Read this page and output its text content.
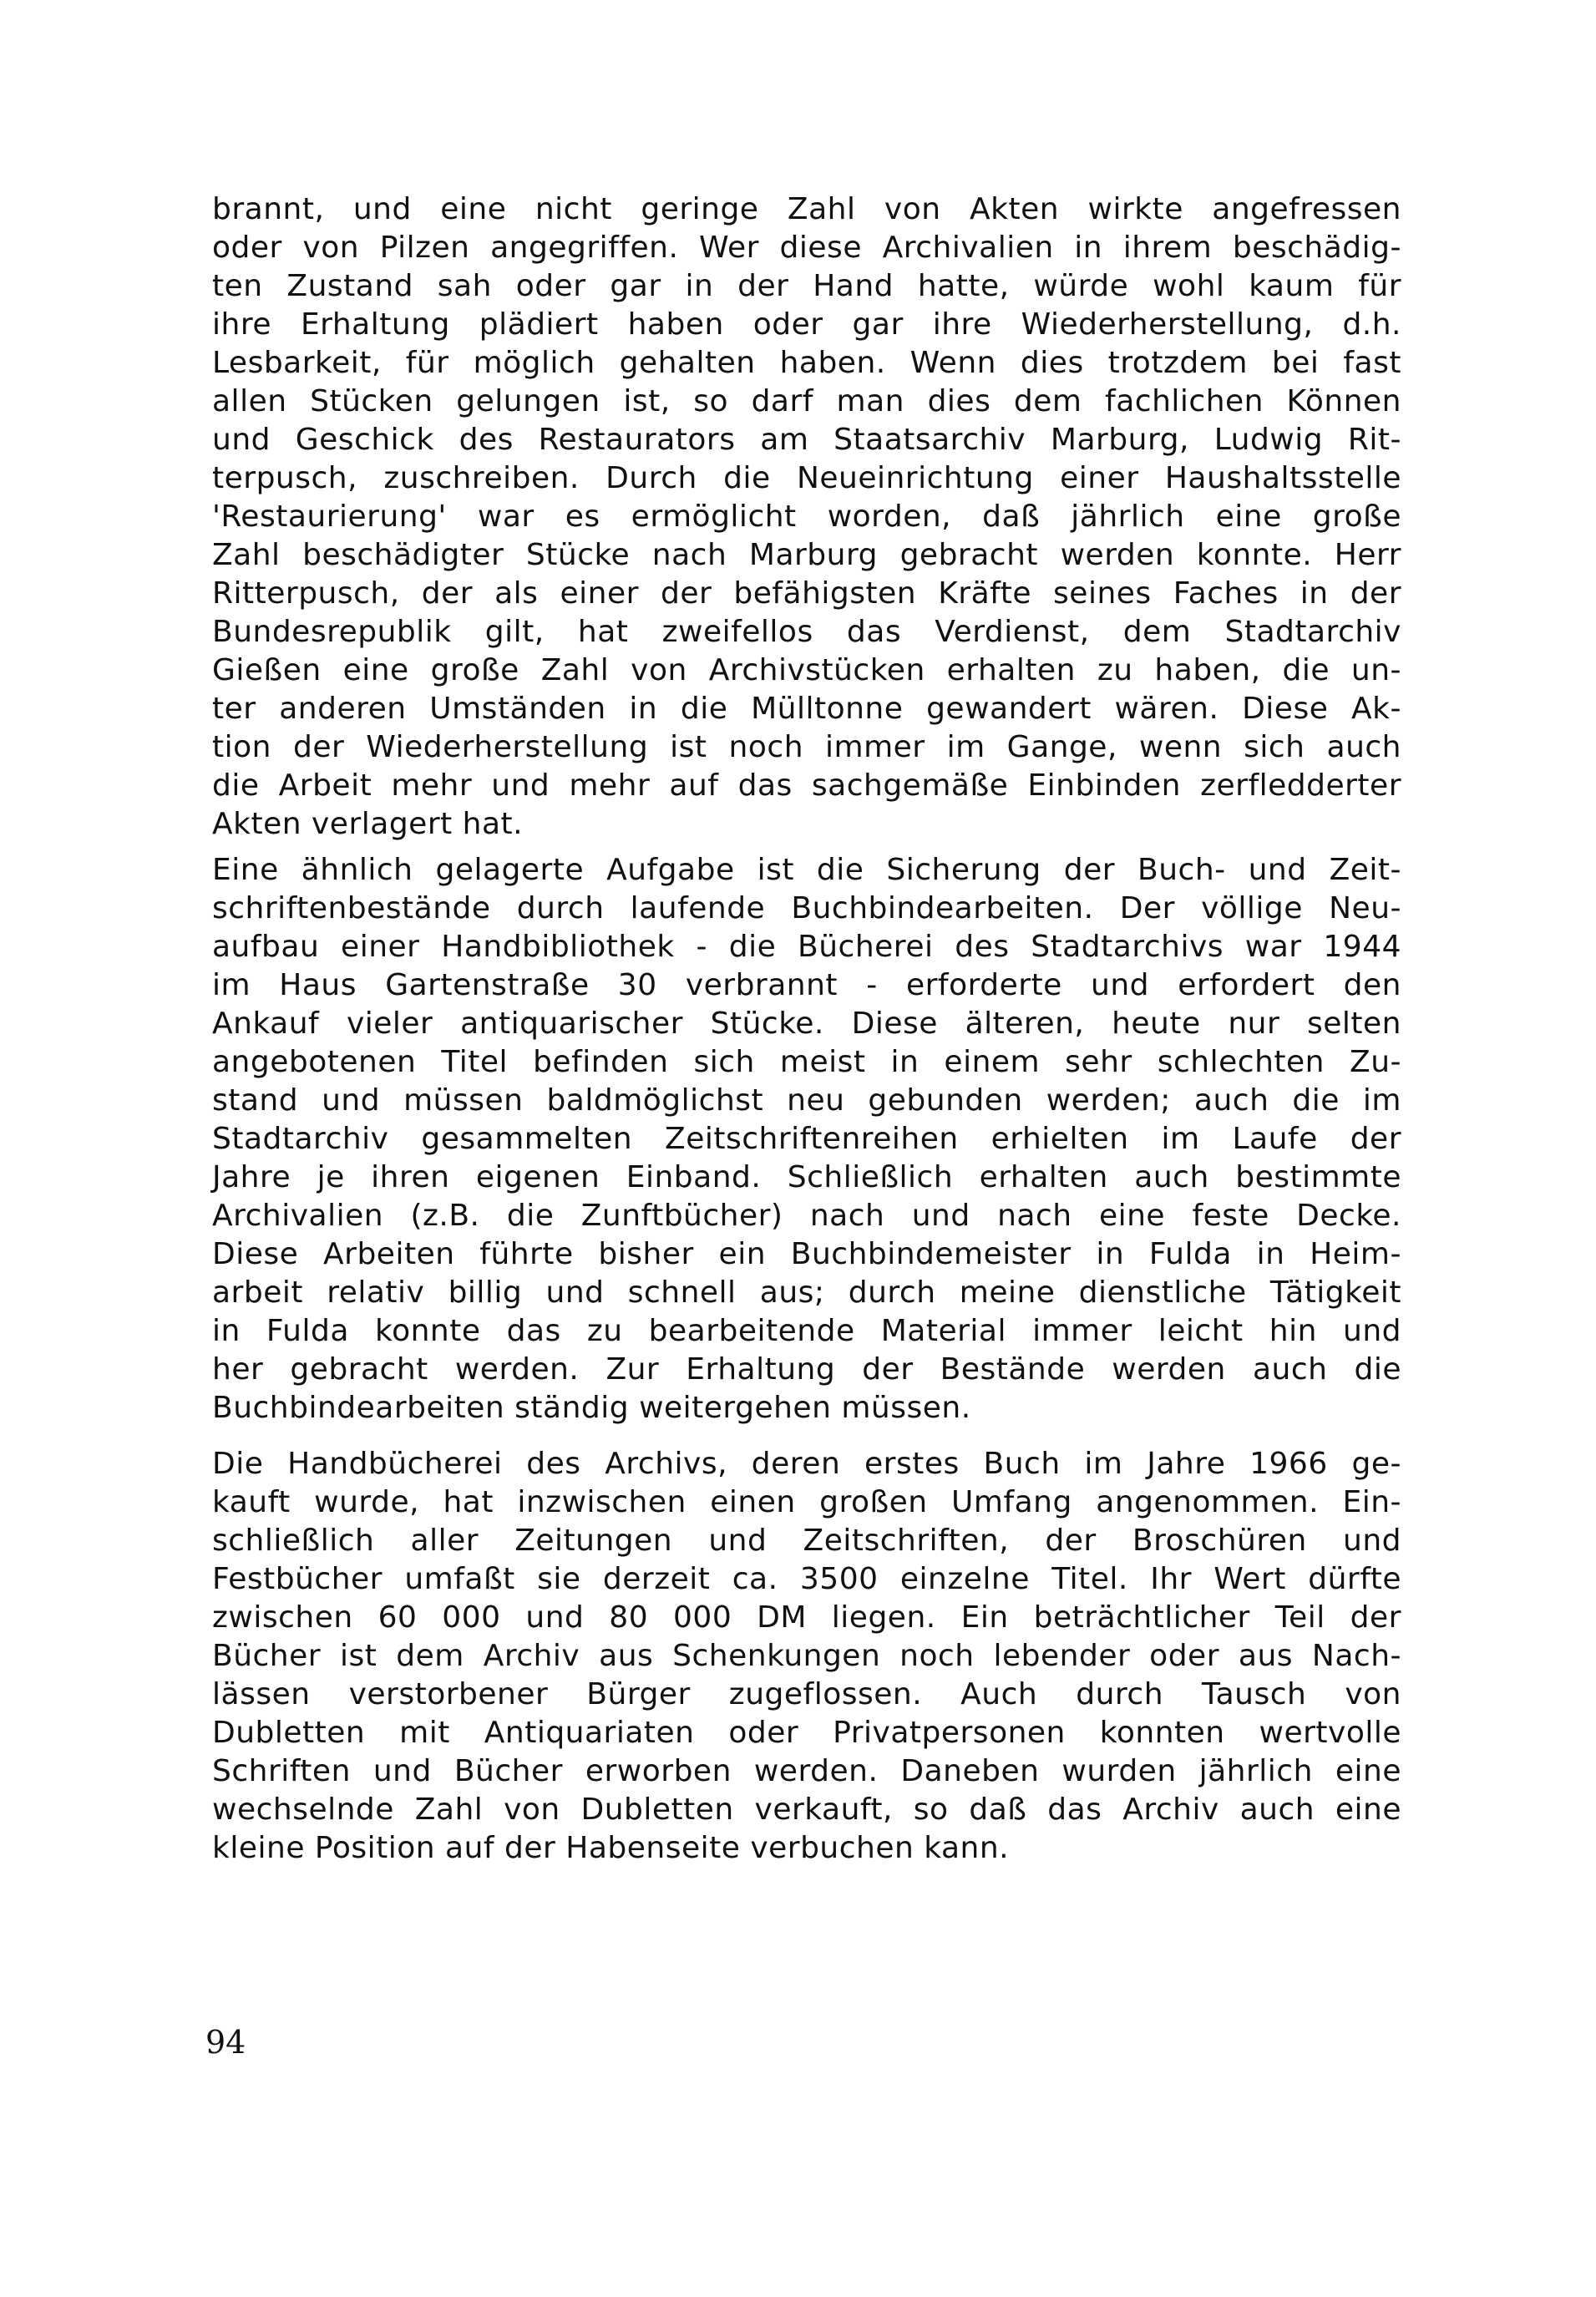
brannt, und eine nicht geringe Zahl von Akten wirkte angefressen
oder von Pilzen angegriffen. Wer diese Archivalien in ihrem beschädig-
ten Zustand sah oder gar in der Hand hatte, würde wohl kaum für
ihre Erhaltung plädiert haben oder gar ihre Wiederherstellung, d.h.
Lesbarkeit, für möglich gehalten haben. Wenn dies trotzdem bei fast
allen Stücken gelungen ist, so darf man dies dem fachlichen Können
und Geschick des Restaurators am Staatsarchiv Marburg, Ludwig Rit-
terpusch, zuschreiben. Durch die Neueinrichtung einer Haushaltsstelle
'Restaurierung' war es ermöglicht worden, daß jährlich eine große
Zahl beschädigter Stücke nach Marburg gebracht werden konnte. Herr
Ritterpusch, der als einer der befähigsten Kräfte seines Faches in der
Bundesrepublik gilt, hat zweifellos das Verdienst, dem Stadtarchiv
Gießen eine große Zahl von Archivstücken erhalten zu haben, die un-
ter anderen Umständen in die Mülltonne gewandert wären. Diese Ak-
tion der Wiederherstellung ist noch immer im Gange, wenn sich auch
die Arbeit mehr und mehr auf das sachgemäße Einbinden zerfledderter
Akten verlagert hat.
Eine ähnlich gelagerte Aufgabe ist die Sicherung der Buch- und Zeit-
schriftenbestände durch laufende Buchbindearbeiten. Der völlige Neu-
aufbau einer Handbibliothek - die Bücherei des Stadtarchivs war 1944
im Haus Gartenstraße 30 verbrannt - erforderte und erfordert den
Ankauf vieler antiquarischer Stücke. Diese älteren, heute nur selten
angebotenen Titel befinden sich meist in einem sehr schlechten Zu-
stand und müssen baldmöglichst neu gebunden werden; auch die im
Stadtarchiv gesammelten Zeitschriftenreihen erhielten im Laufe der
Jahre je ihren eigenen Einband. Schließlich erhalten auch bestimmte
Archivalien (z.B. die Zunftbücher) nach und nach eine feste Decke.
Diese Arbeiten führte bisher ein Buchbindemeister in Fulda in Heim-
arbeit relativ billig und schnell aus; durch meine dienstliche Tätigkeit
in Fulda konnte das zu bearbeitende Material immer leicht hin und
her gebracht werden. Zur Erhaltung der Bestände werden auch die
Buchbindearbeiten ständig weitergehen müssen.
Die Handbücherei des Archivs, deren erstes Buch im Jahre 1966 ge-
kauft wurde, hat inzwischen einen großen Umfang angenommen. Ein-
schließlich aller Zeitungen und Zeitschriften, der Broschüren und
Festbücher umfaßt sie derzeit ca. 3500 einzelne Titel. Ihr Wert dürfte
zwischen 60 000 und 80 000 DM liegen. Ein beträchtlicher Teil der
Bücher ist dem Archiv aus Schenkungen noch lebender oder aus Nach-
lässen verstorbener Bürger zugeflossen. Auch durch Tausch von
Dubletten mit Antiquariaten oder Privatpersonen konnten wertvolle
Schriften und Bücher erworben werden. Daneben wurden jährlich eine
wechselnde Zahl von Dubletten verkauft, so daß das Archiv auch eine
kleine Position auf der Habenseite verbuchen kann.
94
